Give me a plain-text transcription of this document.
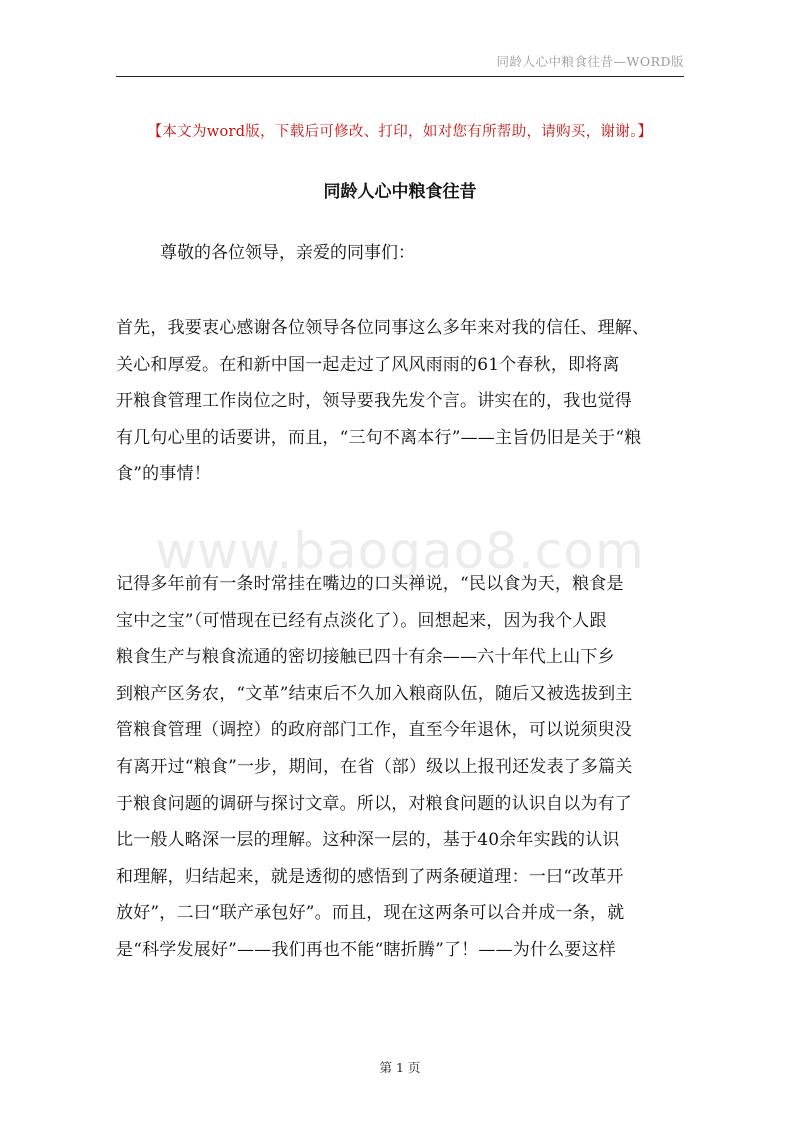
同龄人心中粮食往昔—WORD版
【本文为word版，下载后可修改、打印，如对您有所帮助，请购买，谢谢。】
同龄人心中粮食往昔
尊敬的各位领导，亲爱的同事们：
www.baogao8.com

首先，我要衷心感谢各位领导各位同事这么多年来对我的信任、理解、

关心和厚爱。在和新中国一起走过了风风雨雨的61个春秋，即将离

开粮食管理工作岗位之时，领导要我先发个言。讲实在的，我也觉得

有几句心里的话要讲，而且，“三句不离本行”——主旨仍旧是关于“粮

食”的事情！

记得多年前有一条时常挂在嘴边的口头禅说，“民以食为天，粮食是

宝中之宝”（可惜现在已经有点淡化了）。回想起来，因为我个人跟

粮食生产与粮食流通的密切接触已四十有余——六十年代上山下乡

到粮产区务农，“文革”结束后不久加入粮商队伍，随后又被选拔到主

管粮食管理（调控）的政府部门工作，直至今年退休，可以说须臾没

有离开过“粮食”一步，期间，在省（部）级以上报刊还发表了多篇关

于粮食问题的调研与探讨文章。所以，对粮食问题的认识自以为有了

比一般人略深一层的理解。这种深一层的，基于40余年实践的认识

和理解，归结起来，就是透彻的感悟到了两条硬道理：一曰“改革开

放好”，二曰“联产承包好”。而且，现在这两条可以合并成一条，就

是“科学发展好”——我们再也不能“瞎折腾”了！——为什么要这样

第 1 页
